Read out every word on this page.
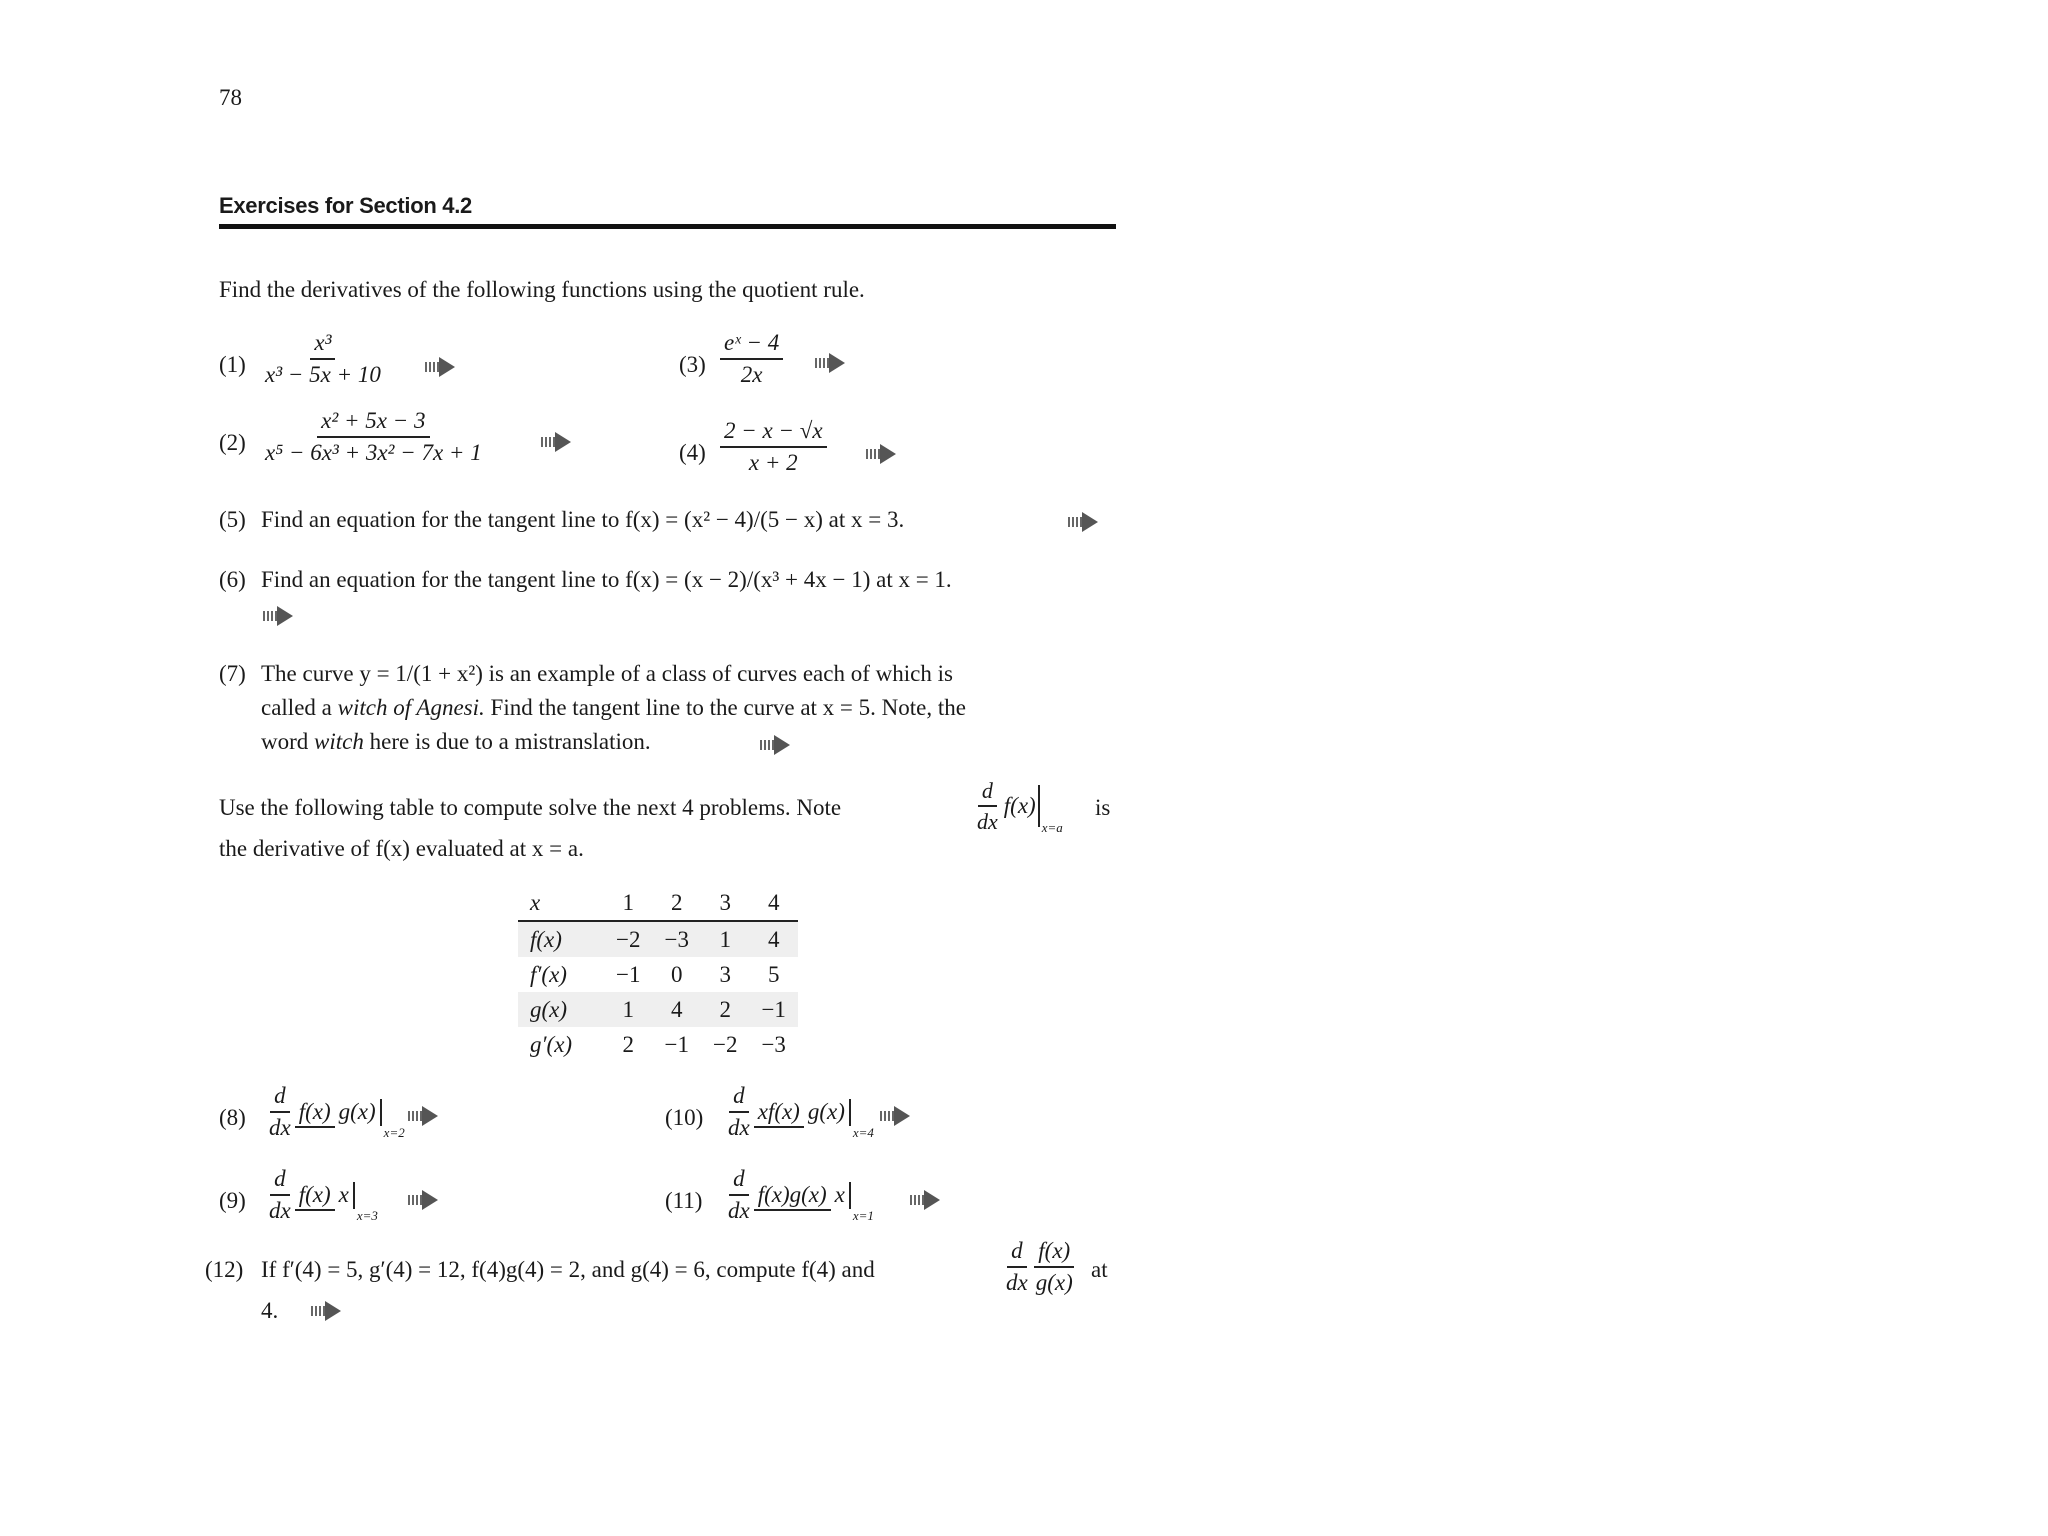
78
Exercises for Section 4.2
Find the derivatives of the following functions using the quotient rule.
$(1) \frac{\text{x³}}{\text{x³ − 5x + 10}}$
$(2) \frac{\text{x² + 5x − 3}}{\text{x⁵ − 6x³ + 3x² − 7x + 1}}$
$(3) \frac{\text{eˣ − 4}}{2x}$
$(4) \frac{2 - x - √x}{x + 2}$
(5) Find an equation for the tangent line to f(x) = (x² − 4)/(5 − x) at x = 3.
(6) Find an equation for the tangent line to f(x) = (x − 2)/(x³ + 4x − 1) at x = 1.
(7) The curve y = 1/(1 + x²) is an example of a class of curves each of which is
called a witch of Agnesi. Find the tangent line to the curve at x = 5. Note, the
word witch here is due to a mistranslation.
Use the following table to compute solve the next 4 problems. Note	$\frac{d}{dx} f(x)_{x=a}$
is
the derivative of f(x) evaluated at x = a.
x	1	2	3	4
f(x)	−2	−3	1	4
f′(x)	−1	0	3	5
g(x)	1	4	2	−1
g′(x)	2	−1	−2	−3
$(8) \frac{d}{dx} f(x)$ g(x)
x=2
$(9) \frac{d}{dx} f(x)$ x
x=3
$(10) \frac{d}{dx} xf(x)$ g(x)
x=4
$(11) \frac{d}{dx} f(x)g(x)$ x
x=1
(12) If f′(4) = 5, g′(4) = 12, f(4)g(4) = 2, and g(4) = 6, compute f(4) and	$\frac{d}{dx} \frac{f(x)}{g(x)}$ at
4.
